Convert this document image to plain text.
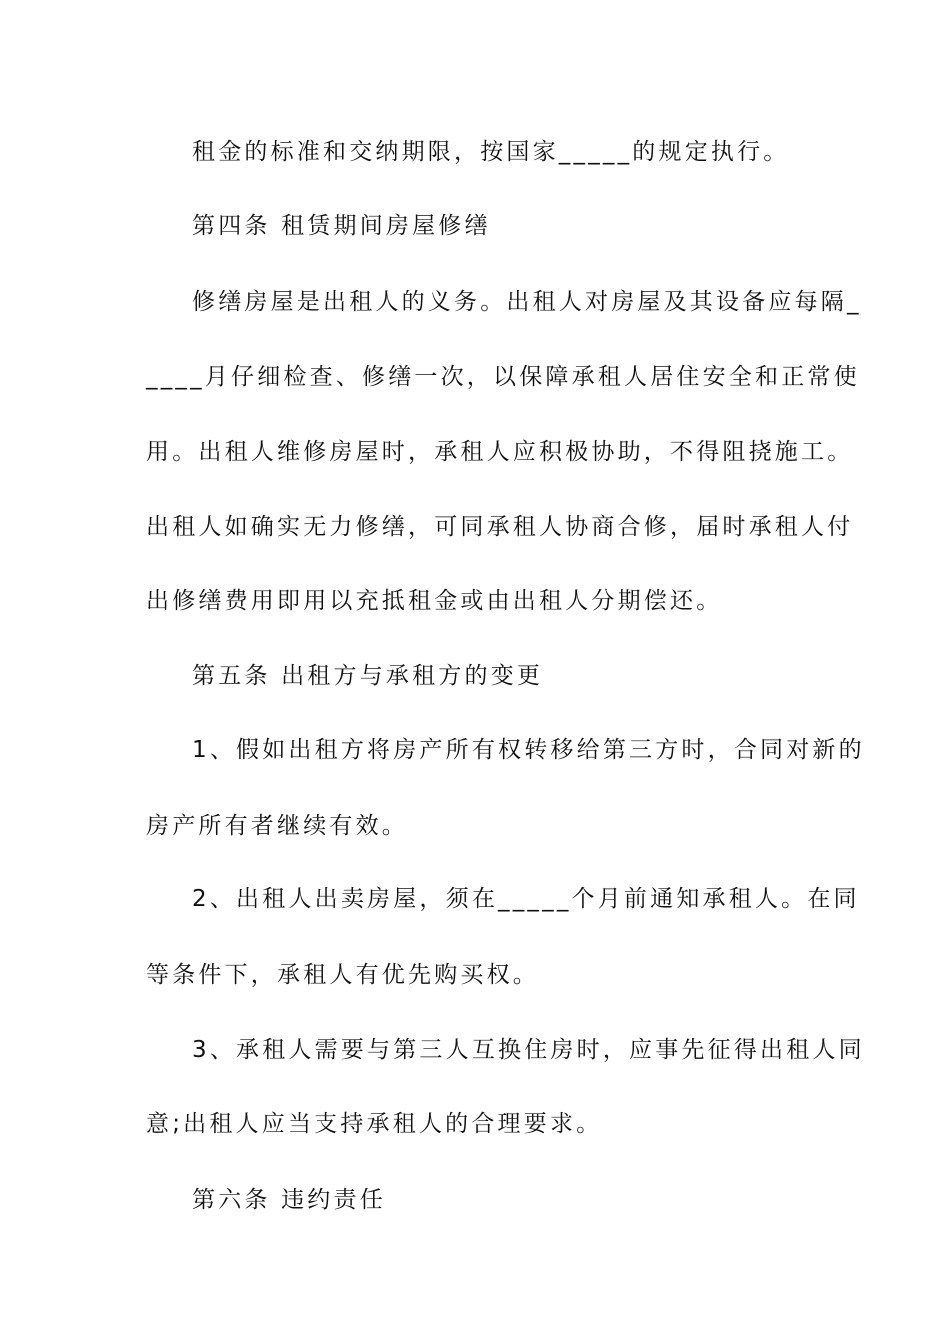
租金的标准和交纳期限，按国家_____的规定执行。
第四条 租赁期间房屋修缮
修缮房屋是出租人的义务。出租人对房屋及其设备应每隔_
____月仔细检查、修缮一次，以保障承租人居住安全和正常使
用。出租人维修房屋时，承租人应积极协助，不得阻挠施工。
出租人如确实无力修缮，可同承租人协商合修，届时承租人付
出修缮费用即用以充抵租金或由出租人分期偿还。
第五条 出租方与承租方的变更
1、假如出租方将房产所有权转移给第三方时，合同对新的
房产所有者继续有效。
2、出租人出卖房屋，须在_____个月前通知承租人。在同
等条件下，承租人有优先购买权。
3、承租人需要与第三人互换住房时，应事先征得出租人同
意;出租人应当支持承租人的合理要求。
第六条 违约责任
